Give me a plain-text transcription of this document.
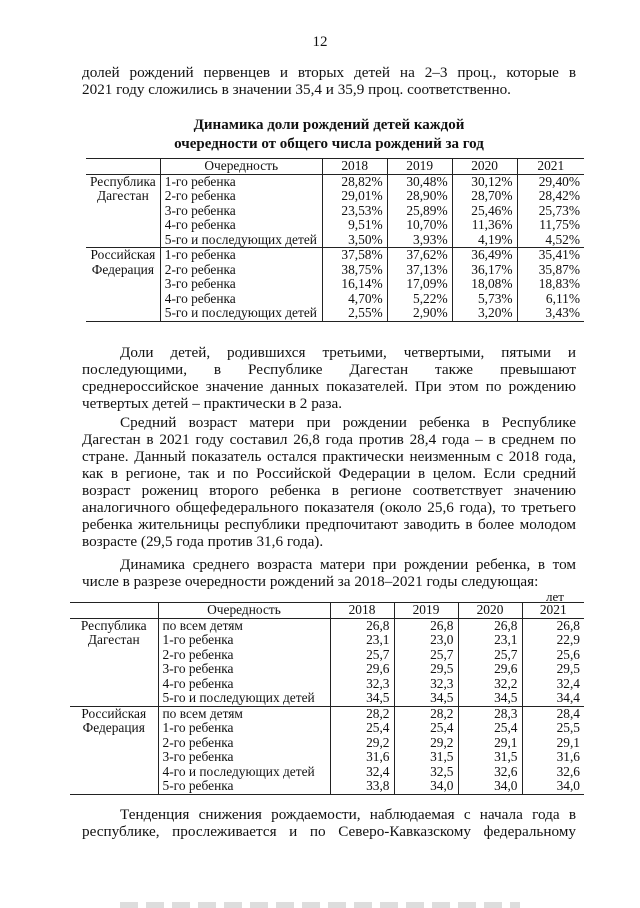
12

долей рождений первенцев и вторых детей на 2–3 проц., которые в
2021 году сложились в значении 35,4 и 35,9 проц. соответственно.

Динамика доли рождений детей каждой
очередности от общего числа рождений за год
	Очередность	2018	2019	2020	2021

Республика
Дагестан	1-го ребенка	28,82%	30,48%	30,12%	29,40%
	2-го ребенка	29,01%	28,90%	28,70%	28,42%
	3-го ребенка	23,53%	25,89%	25,46%	25,73%
	4-го ребенка	9,51%	10,70%	11,36%	11,75%
	5-го и последующих детей	3,50%	3,93%	4,19%	4,52%

Российская
Федерация	1-го ребенка	37,58%	37,62%	36,49%	35,41%
	2-го ребенка	38,75%	37,13%	36,17%	35,87%
	3-го ребенка	16,14%	17,09%	18,08%	18,83%
	4-го ребенка	4,70%	5,22%	5,73%	6,11%
	5-го и последующих детей	2,55%	2,90%	3,20%	3,43%

Доли детей, родившихся третьими, четвертыми, пятыми и
последующими, в Республике Дагестан также превышают
среднероссийское значение данных показателей. При этом по рождению
четвертых детей – практически в 2 раза.

Средний возраст матери при рождении ребенка в Республике
Дагестан в 2021 году составил 26,8 года против 28,4 года – в среднем по
стране. Данный показатель остался практически неизменным с 2018 года,
как в регионе, так и по Российской Федерации в целом. Если средний
возраст рожениц второго ребенка в регионе соответствует значению
аналогичного общефедерального показателя (около 25,6 года), то третьего
ребенка жительницы республики предпочитают заводить в более молодом
возрасте (29,5 года против 31,6 года).

Динамика среднего возраста матери при рождении ребенка, в том
числе в разрезе очередности рождений за 2018–2021 годы следующая:

лет
	Очередность	2018	2019	2020	2021

Республика
Дагестан	по всем детям	26,8	26,8	26,8	26,8
	1-го ребенка	23,1	23,0	23,1	22,9
	2-го ребенка	25,7	25,7	25,7	25,6
	3-го ребенка	29,6	29,5	29,6	29,5
	4-го ребенка	32,3	32,3	32,2	32,4
	5-го и последующих детей	34,5	34,5	34,5	34,4

Российская
Федерация	по всем детям	28,2	28,2	28,3	28,4
	1-го ребенка	25,4	25,4	25,4	25,5
	2-го ребенка	29,2	29,2	29,1	29,1
	3-го ребенка	31,6	31,5	31,5	31,6
	4-го и последующих детей	32,4	32,5	32,6	32,6
	5-го ребенка	33,8	34,0	34,0	34,0

Тенденция снижения рождаемости, наблюдаемая с начала года в
республике, прослеживается и по Северо-Кавказскому федеральному
